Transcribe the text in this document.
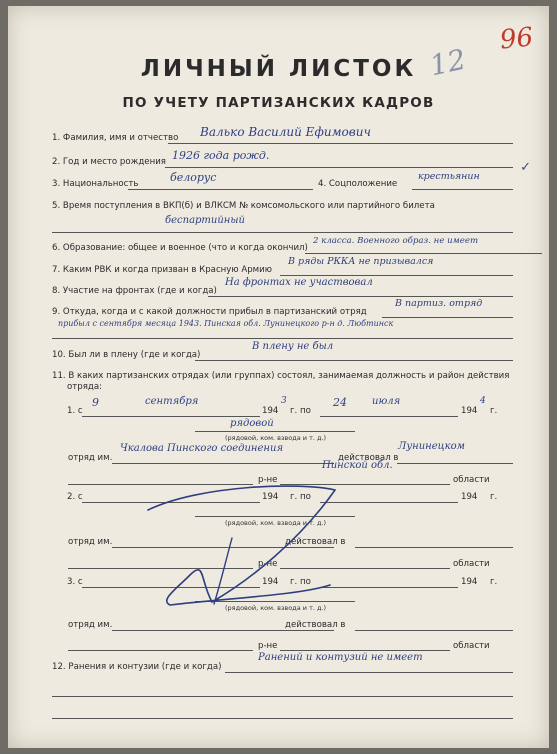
96
12
✓
ЛИЧНЫЙ ЛИСТОК
ПО УЧЕТУ ПАРТИЗАНСКИХ КАДРОВ
1. Фамилия, имя и отчество Валько Василий Ефимович
2. Год и место рождения 1926 года рожд.
3. Национальность	белорус	4. Соцположение
крестьянин
5. Время поступления в ВКП(б) и ВЛКСМ № комсомольского или партийного билета
беспартийный
6. Образование: общее и военное (что и когда окончил)
2 класса. Военного образ. не имеет
7. Каким РВК и когда призван в Красную Армию
В ряды РККА не призывался
8. Участие на фронтах (где и когда)
На фронтах не участвовал
9. Откуда, когда и с какой должности прибыл в партизанский отряд
В партиз. отряд
прибыл с сентября месяца 1943. Пинская обл. Лунинецкого р-н д. Любтинск
10. Был ли в плену (где и когда)
В плену не был
11. В каких партизанских отрядах (или группах) состоял, занимаемая должность и район действия
отряда:
1. с
9	сентября
194
3
г. по
24	июля
194
4
г.
рядовой
(рядовой, ком. взвода и т. д.)
отряд им.
Чкалова Пинского соединения
действовал в
Лунинецком
Пинской обл.
р-не	области
2. с	194 г. по	194 г.
(рядовой, ком. взвода и т. д.)
отряд им.	действовал в
р-не	области
3. с	194 г. по	194 г.
(рядовой, ком. взвода и т. д.)
отряд им.	действовал в
р-не	области
12. Ранения и контузии (где и когда)
Ранений и контузий не имеет
